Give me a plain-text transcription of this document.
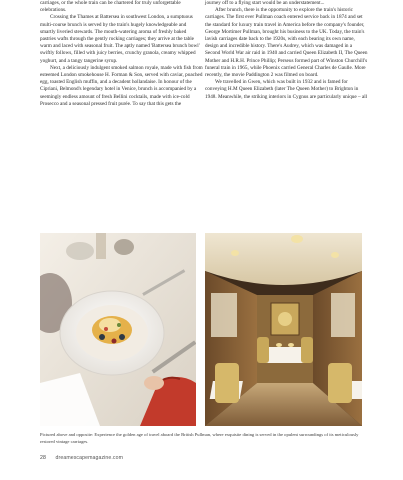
carriages, or the whole train can be chartered for truly unforgettable celebrations.

Crossing the Thames at Battersea in southwest London, a sumptuous multi-course brunch is served by the train's hugely knowledgeable and smartly liveried stewards. The mouth-watering aroma of freshly baked pastries wafts through the gently rocking carriages; they arrive at the table warm and laced with seasonal fruit. The aptly named 'Battersea brunch bowl' swiftly follows, filled with juicy berries, crunchy granola, creamy whipped yoghurt, and a tangy tangerine syrup.

Next, a deliciously indulgent smoked salmon royale, made with fish from esteemed London smokehouse H. Forman & Son, served with caviar, poached egg, toasted English muffin, and a decadent hollandaise. In honour of the Cipriani, Belmond's legendary hotel in Venice, brunch is accompanied by a seemingly endless amount of fresh Bellini cocktails, made with ice-cold Prosecco and a seasonal pressed fruit purée. To say that this gets the

journey off to a flying start would be an understatement...

After brunch, there is the opportunity to explore the train's historic carriages. The first ever Pullman coach entered service back in 1874 and set the standard for luxury train travel in America before the company's founder, George Mortimer Pullman, brought his business to the UK. Today, the train's lavish carriages date back to the 1920s, with each bearing its own name, design and incredible history. There's Audrey, which was damaged in a Second World War air raid in 1940 and carried Queen Elizabeth II, The Queen Mother and H.R.H. Prince Phillip; Perseus formed part of Winston Churchill's funeral train in 1965, while Phoenix carried General Charles de Gaulle. More recently, the movie Paddington 2 was filmed on board.

We travelled in Gwen, which was built in 1932 and is famed for conveying H.M Queen Elizabeth (later The Queen Mother) to Brighton in 1948. Meanwhile, the striking interiors in Cygnus are particularly unique – all

Pictured above and opposite: Experience the golden age of travel aboard the British Pullman, where exquisite dining is served in the opulent surroundings of its meticulously restored vintage carriages.
28 dreamescapemagazine.com
